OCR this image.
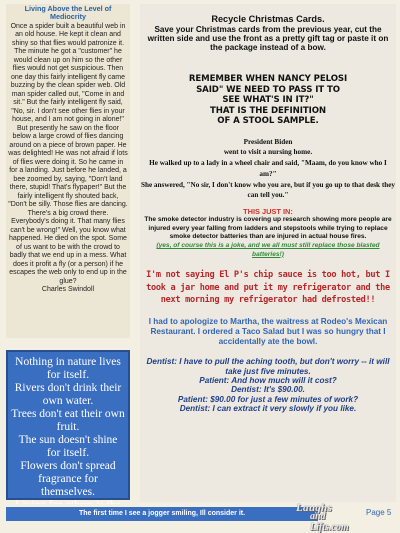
Living Above the Level of Mediocrity
Once a spider built a beautiful web in an old house. He kept it clean and shiny so that flies would patronize it. The minute he got a "customer" he would clean up on him so the other flies would not get suspicious. Then one day this fairly intelligent fly came buzzing by the clean spider web. Old man spider called out, "Come in and sit." But the fairly intelligent fly said, "No, sir. I don't see other flies in your house, and I am not going in alone!" But presently he saw on the floor below a large crowd of flies dancing around on a piece of brown paper. He was delighted! He was not afraid if lots of flies were doing it. So he came in for a landing. Just before he landed, a bee zoomed by, saying, "Don't land there, stupid! That's flypaper!" But the fairly intelligent fly shouted back, "Don't be silly. Those flies are dancing. There's a big crowd there. Everybody's doing it. That many flies can't be wrong!" Well, you know what happened. He died on the spot. Some of us want to be with the crowd to badly that we end up in a mess. What does it profit a fly (or a person) if he escapes the web only to end up in the glue?
Charles Swindoll
Nothing in nature lives for itself.
Rivers don't drink their own water.
Trees don't eat their own fruit.
The sun doesn't shine for itself.
Flowers don't spread fragrance for themselves.
Recycle Christmas Cards.
Save your Christmas cards from the previous year, cut the written side and use the front as a pretty gift tag or paste it on the package instead of a bow.
REMEMBER WHEN NANCY PELOSI
SAID" WE NEED TO PASS IT TO
SEE WHAT'S IN IT?"
THAT IS THE DEFINITION
OF A STOOL SAMPLE.
President Biden
went to visit a nursing home.
He walked up to a lady in a wheel chair and said, "Maam, do you know who I am?"
She answered, "No sir, I don't know who you are, but if you go up to that desk they can tell you."
THIS JUST IN:
The smoke detector industry is covering up research showing more people are injured every year falling from ladders and stepstools while trying to replace smoke detector batteries than are injured in actual house fires.
(yes, of course this is a joke, and we all must still replace those blasted batteries!)
I'm not saying El P's chip sauce is too hot, but I took a jar home and put it my refrigerator and the next morning my refrigerator had defrosted!!
I had to apologize to Martha, the waitress at Rodeo's Mexican Restaurant. I ordered a Taco Salad but I was so hungry that I accidentally ate the bowl.
Dentist: I have to pull the aching tooth, but don't worry -- it will take just five minutes.
Patient: And how much will it cost?
Dentist: It's $90.00.
Patient: $90.00 for just a few minutes of work?
Dentist: I can extract it very slowly if you like.
The first time I see a jogger smiling, Ill consider it.	Laughs
and Lifts.com
Page 5
